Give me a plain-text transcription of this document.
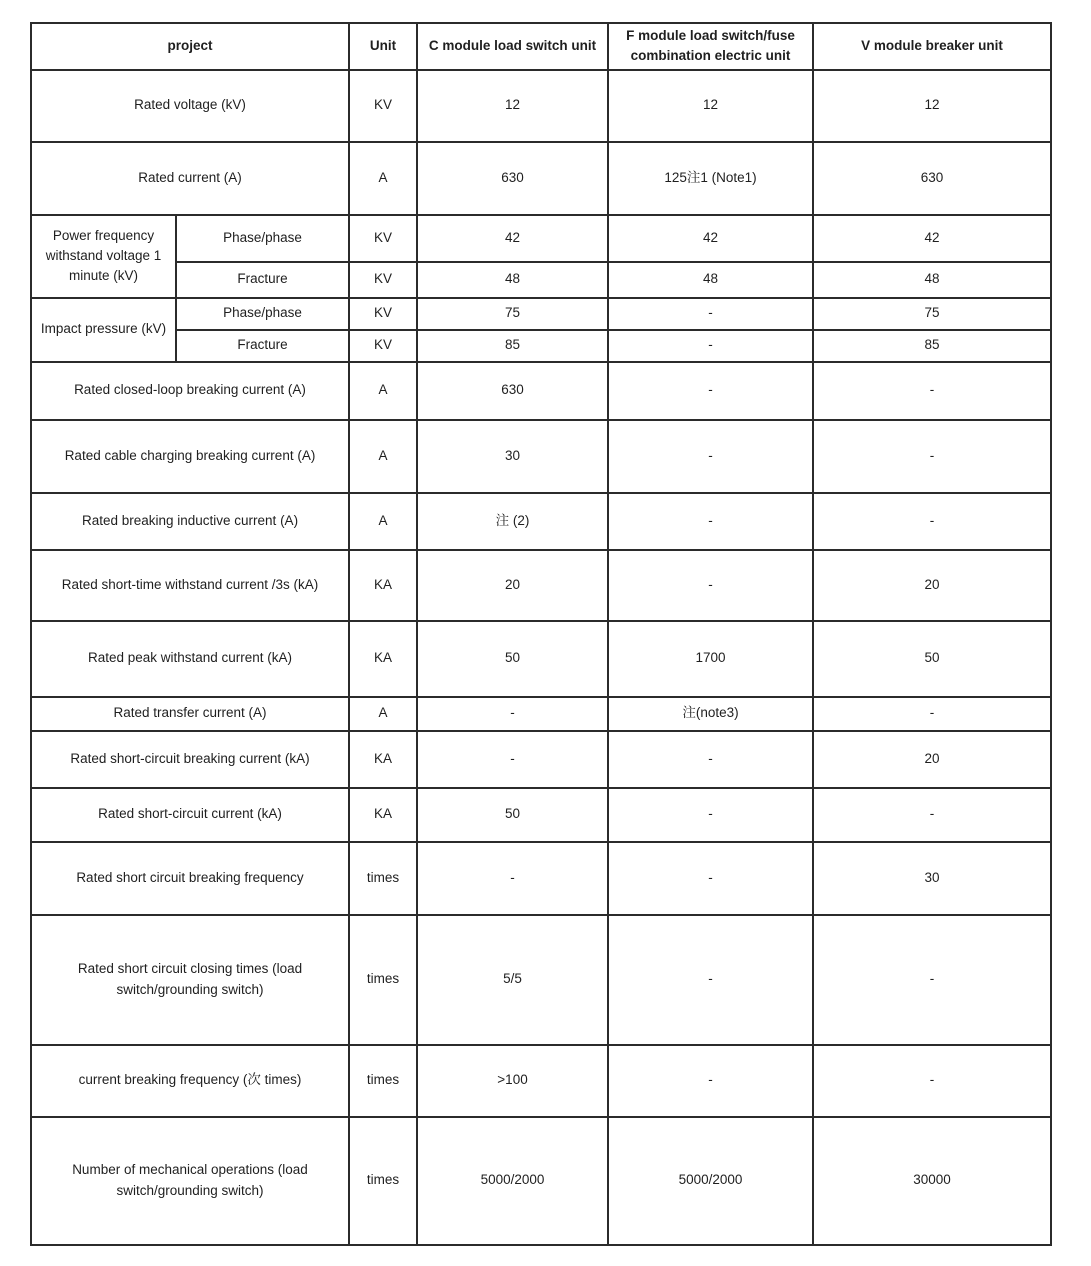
project		Unit	C module load switch unit	F module load switch/fuse combination electric unit	V module breaker unit
Rated voltage (kV)		KV	12	12	12
Rated current (A)		A	630	125注1 (Note1)	630
Power frequency withstand voltage 1 minute (kV)	Phase/phase	KV	42	42	42
	Fracture	KV	48	48	48
Impact pressure (kV)	Phase/phase	KV	75	-	75
	Fracture	KV	85	-	85
Rated closed-loop breaking current (A)		A	630	-	-
Rated cable charging breaking current (A)		A	30	-	-
Rated breaking inductive current (A)		A	注 (2)	-	-
Rated short-time withstand current /3s (kA)		KA	20	-	20
Rated peak withstand current (kA)		KA	50	1700	50
Rated transfer current (A)		A	-	注(note3)	-
Rated short-circuit breaking current (kA)		KA	-	-	20
Rated short-circuit current (kA)		KA	50	-	-
Rated short circuit breaking frequency		times	-	-	30
Rated short circuit closing times (load switch/grounding switch)		times	5/5	-	-
current breaking frequency (次 times)		times	>100	-	-
Number of mechanical operations (load switch/grounding switch)		times	5000/2000	5000/2000	30000
